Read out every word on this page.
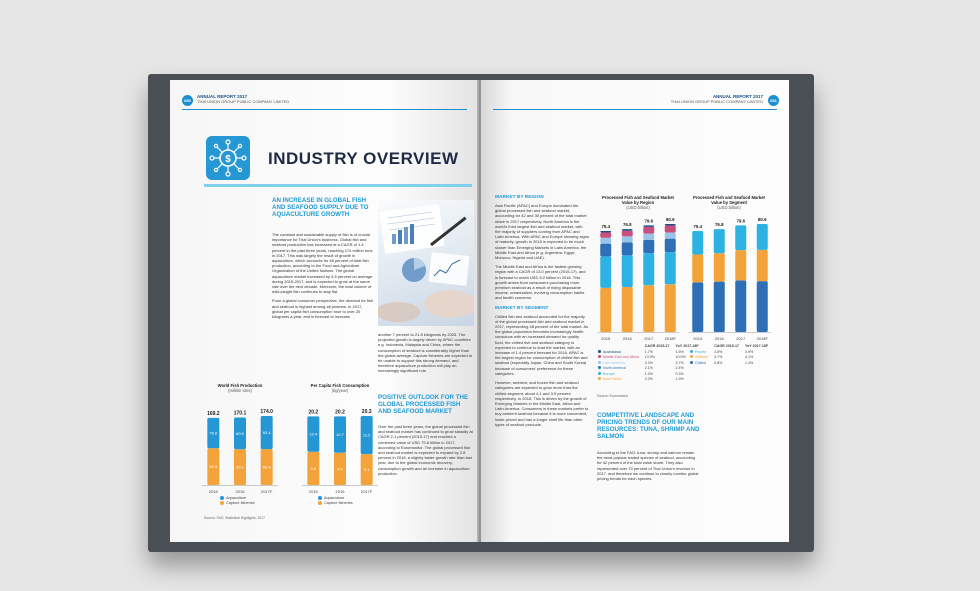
080
ANNUAL REPORT 2017
THAI UNION GROUP PUBLIC COMPANY LIMITED
$ INDUSTRY OVERVIEW
AN INCREASE IN GLOBAL FISH AND SEAFOOD SUPPLY DUE TO AQUACULTURE GROWTH

The constant and sustainable supply of fish is of crucial importance for Thai Union's business. Global fish and seafood production has increased at a CAGR of 1.4 percent in the past three years, reaching 174 million tons in 2017. This was largely the result of growth in aquaculture, which accounts for 48 percent of total fish production, according to the Food and Agriculture Organization of the United Nations. The global aquaculture market increased by 4.5 percent on average during 2015-2017, and is expected to grow at the same rate over the next decade. Moreover, the total volume of wild-caught fish continues to stay flat.

From a global consumer perspective, the demand for fish and seafood is highest among all proteins. In 2017, global per capita fish consumption rose to over 20 kilograms a year, and is forecast to increase

another 7 percent to 21.8 kilograms by 2025. The projected growth is largely driven by APAC countries e.g. Indonesia, Malaysia and China, where the consumption of seafood is considerably higher than the global average. Capture fisheries are expected to be unable to support this strong demand, and therefore aquaculture production will play an increasingly significant role.
POSITIVE OUTLOOK FOR THE GLOBAL PROCESSED FISH AND SEAFOOD MARKET
Over the past three years, the global processed fish and seafood market has continued to grow steadily at CAGR 2.1 percent (2015-17) and reached a combined value of USD 79.6 billion in 2017, according to Euromonitor. The global processed fish and seafood market is expected to expand by 2.8 percent in 2018, a slightly faster growth rate than last year, due to the global economic recovery, consumption growth and an increase in aquaculture production.
World Fish Production
(million tons)
Per Capita Fish Consumption
(kg/year)
92.6
76.6
169.2
2015
90.1
80.0
170.1
2016
90.6
83.4
174.0
2017F
9.8
10.4
20.2
2015
9.5
10.7
20.2
2016
9.1
11.2
20.3
2017F
Aquaculture
Capture fisheries
Aquaculture
Capture fisheries
Source: FAO, Statistical Highlights, 2017
ANNUAL REPORT 2017
THAI UNION GROUP PUBLIC COMPANY LIMITED	081
MARKET BY REGION

Asia Pacific (APAC) and Europe dominated the global processed fish and seafood market, accounting for 42 and 30 percent of the total market share in 2017 respectively. North America is the world's third largest fish and seafood market, with the majority of suppliers coming from APAC and Latin America. With APAC and Europe showing signs of maturity, growth in 2018 is expected to be much slower than Emerging Markets in Latin America, the Middle East and Africa (e.g. Argentina, Egypt, Morocco, Nigeria and UAE).

The Middle East and Africa is the fastest growing region with a CAGR of 13.0 percent (2015-17), and is forecast to reach USD 5.2 billion in 2018. This growth arises from consumers purchasing more premium seafood as a result of rising disposable income, urbanization, evolving consumption habits and health concerns.

MARKET BY SEGMENT

Chilled fish and seafood accounted for the majority of the global processed fish and seafood market in 2017, representing 48 percent of the total market. As the global population becomes increasingly health conscious with an increased demand for quality food, the chilled fish and seafood category is expected to continue to lead the market, with an increase of 1.4 percent forecast for 2018. APAC is the largest region for consumption of chilled fish and seafood (especially Japan, China and South Korea) because of consumers' preference for these categories.

However, ambient, and frozen fish and seafood categories are expected to grow more than the chilled segment, about 4.1 and 3.9 percent respectively, in 2018. This is driven by the growth of Emerging Markets in the Middle East, Africa and Latin America. Consumers in these markets prefer to buy ambient seafood because it is more convenient, lower-priced and has a longer shelf life than other types of seafood products.

Processed Fish and Seafood Market Value by Region
(USD billion)
Processed Fish and Seafood Market Value by Segment
(USD billion)
75.4
2015
76.8
2016
79.6
2017
80.6
2018F
75.4
2015
76.8
2016
79.6
2017
80.6
2018F
	CAGR 2015-17	YoY 2017-18F
Australasia	1.7%	1.5%
Middle East and Africa	13.0%	10.0%
Latin America	2.0%	3.7%
North America	2.1%	2.4%
Europe	1.0%	0.3%
Asia Pacific	2.2%	1.9%
	CAGR 2015-17	YoY 2017-18F
Frozen	2.8%	3.9%
Ambient	3.7%	4.1%
Chilled	0.8%	1.4%
Source: Euromonitor
COMPETITIVE LANDSCAPE AND PRICING TRENDS OF OUR MAIN RESOURCES: TUNA, SHRIMP AND SALMON
According to the FAO, tuna, shrimp and salmon remain the most popular traded species of seafood, accounting for 42 percent of the total value share. They also represented over 70 percent of Thai Union's revenue in 2017, and therefore we continue to closely monitor global pricing trends for each species.
